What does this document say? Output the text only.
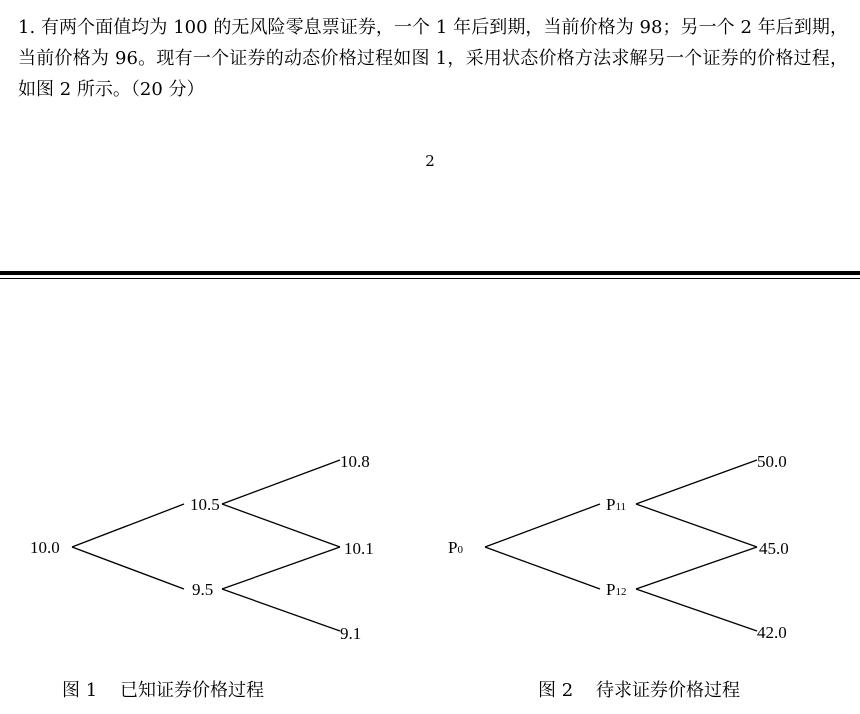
1. 有两个面值均为 100 的无风险零息票证券，一个 1 年后到期，当前价格为 98；另一个 2 年后到期，当前价格为 96。现有一个证券的动态价格过程如图 1，采用状态价格方法求解另一个证券的价格过程，如图 2 所示。（20 分）

2
10.0
10.5
9.5
10.8
10.1
9.1
P0
P11
P12
50.0
45.0
42.0
图 1    已知证券价格过程	图 2    待求证券价格过程
